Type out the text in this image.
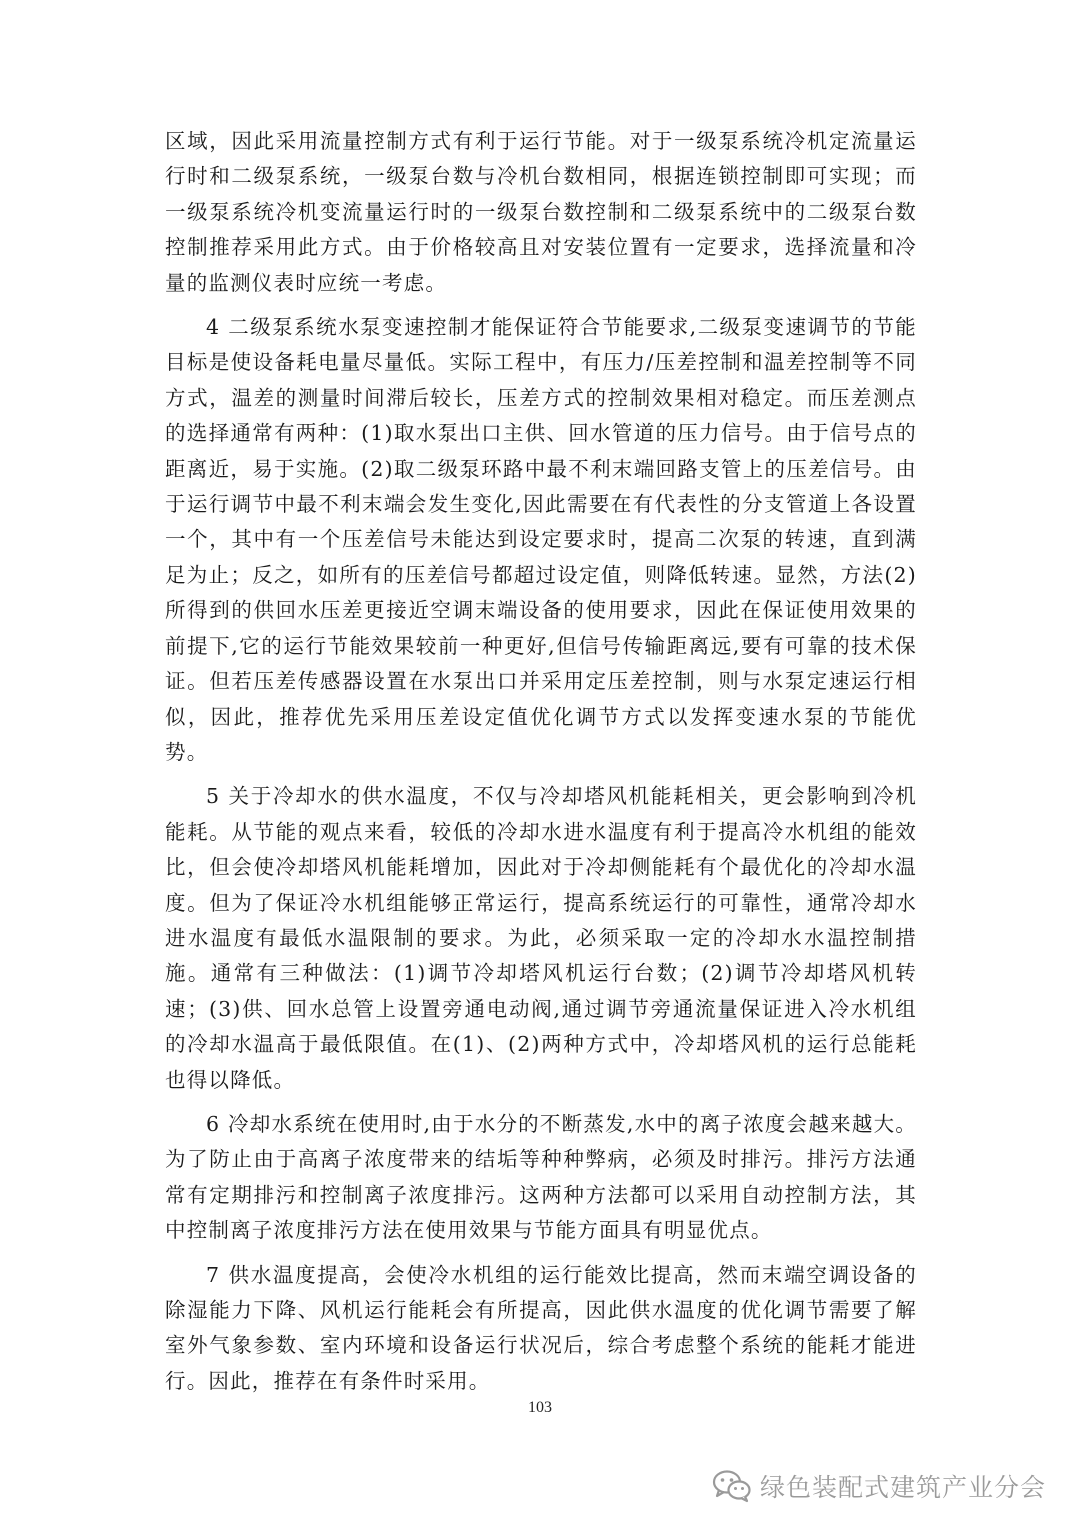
区域，因此采用流量控制方式有利于运行节能。对于一级泵系统冷机定流量运行时和二级泵系统，一级泵台数与冷机台数相同，根据连锁控制即可实现；而一级泵系统冷机变流量运行时的一级泵台数控制和二级泵系统中的二级泵台数控制推荐采用此方式。由于价格较高且对安装位置有一定要求，选择流量和冷量的监测仪表时应统一考虑。

4 二级泵系统水泵变速控制才能保证符合节能要求,二级泵变速调节的节能目标是使设备耗电量尽量低。实际工程中，有压力/压差控制和温差控制等不同方式，温差的测量时间滞后较长，压差方式的控制效果相对稳定。而压差测点的选择通常有两种：(1)取水泵出口主供、回水管道的压力信号。由于信号点的距离近，易于实施。(2)取二级泵环路中最不利末端回路支管上的压差信号。由于运行调节中最不利末端会发生变化,因此需要在有代表性的分支管道上各设置一个，其中有一个压差信号未能达到设定要求时，提高二次泵的转速，直到满足为止；反之，如所有的压差信号都超过设定值，则降低转速。显然，方法(2)所得到的供回水压差更接近空调末端设备的使用要求，因此在保证使用效果的前提下,它的运行节能效果较前一种更好,但信号传输距离远,要有可靠的技术保证。但若压差传感器设置在水泵出口并采用定压差控制，则与水泵定速运行相似，因此，推荐优先采用压差设定值优化调节方式以发挥变速水泵的节能优势。

5 关于冷却水的供水温度，不仅与冷却塔风机能耗相关，更会影响到冷机能耗。从节能的观点来看，较低的冷却水进水温度有利于提高冷水机组的能效比，但会使冷却塔风机能耗增加，因此对于冷却侧能耗有个最优化的冷却水温度。但为了保证冷水机组能够正常运行，提高系统运行的可靠性，通常冷却水进水温度有最低水温限制的要求。为此，必须采取一定的冷却水水温控制措施。通常有三种做法：(1)调节冷却塔风机运行台数；(2)调节冷却塔风机转速；(3)供、回水总管上设置旁通电动阀,通过调节旁通流量保证进入冷水机组的冷却水温高于最低限值。在(1)、(2)两种方式中，冷却塔风机的运行总能耗也得以降低。

6 冷却水系统在使用时,由于水分的不断蒸发,水中的离子浓度会越来越大。为了防止由于高离子浓度带来的结垢等种种弊病，必须及时排污。排污方法通常有定期排污和控制离子浓度排污。这两种方法都可以采用自动控制方法，其中控制离子浓度排污方法在使用效果与节能方面具有明显优点。

7 供水温度提高，会使冷水机组的运行能效比提高，然而末端空调设备的除湿能力下降、风机运行能耗会有所提高，因此供水温度的优化调节需要了解室外气象参数、室内环境和设备运行状况后，综合考虑整个系统的能耗才能进行。因此，推荐在有条件时采用。

103
绿色装配式建筑产业分会
